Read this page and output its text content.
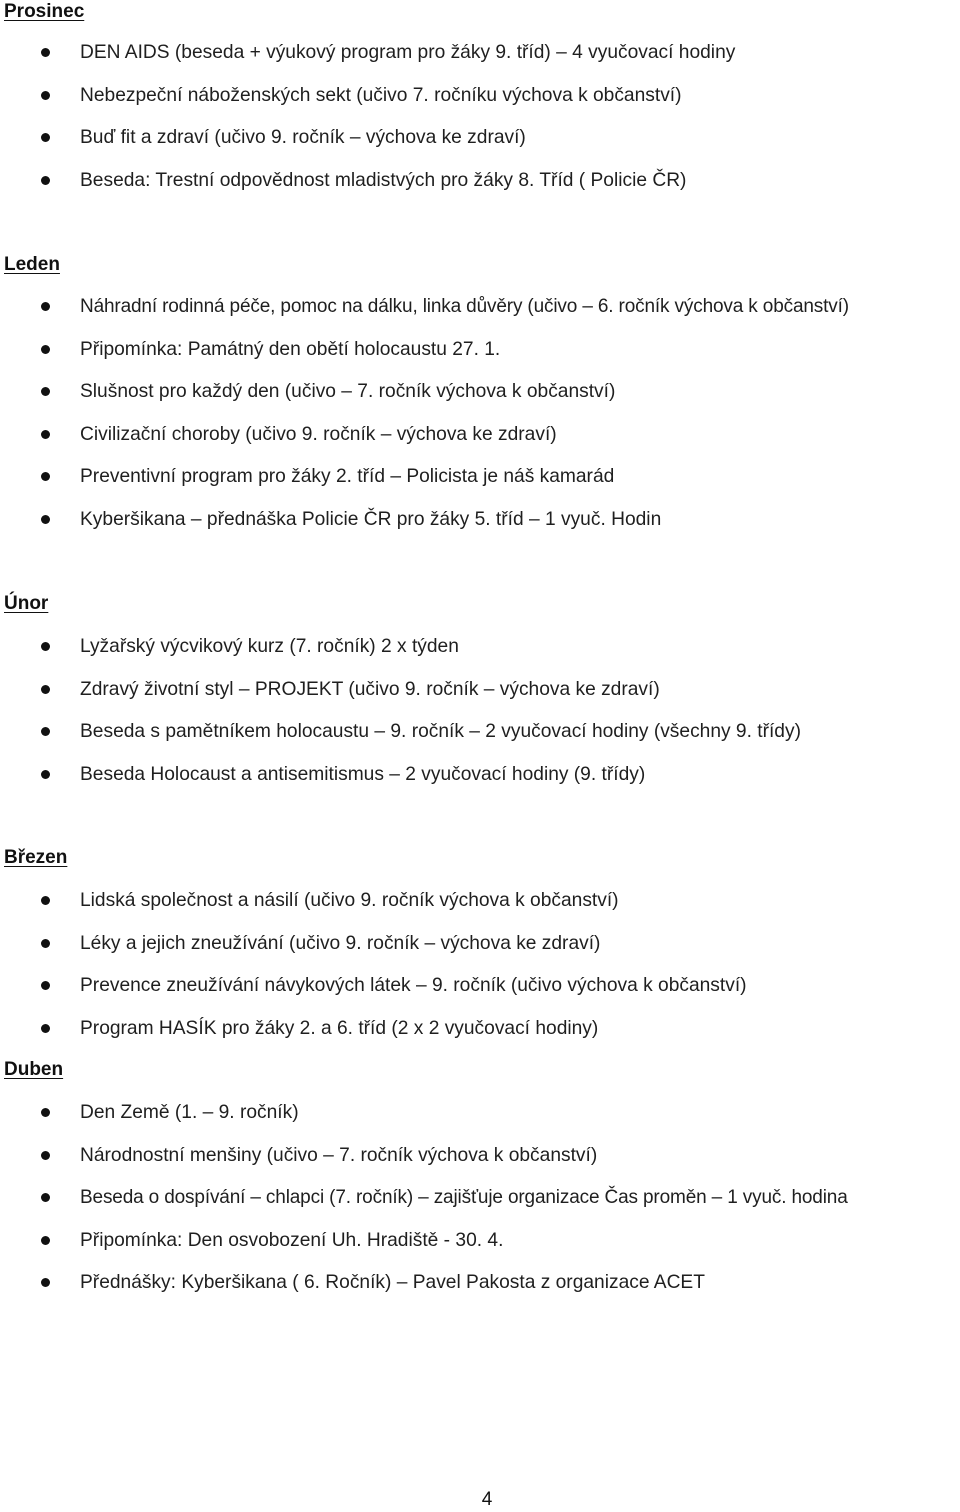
Prosinec
DEN AIDS (beseda + výukový program pro žáky 9. tříd) – 4 vyučovací hodiny
Nebezpeční náboženských sekt (učivo 7. ročníku výchova k občanství)
Buď fit a zdraví (učivo 9. ročník – výchova ke zdraví)
Beseda: Trestní odpovědnost mladistvých pro žáky 8. Tříd ( Policie ČR)
Leden
Náhradní rodinná péče, pomoc na dálku, linka důvěry (učivo – 6. ročník výchova k občanství)
Připomínka: Památný den obětí holocaustu 27. 1.
Slušnost pro každý den (učivo – 7. ročník výchova k občanství)
Civilizační choroby (učivo 9. ročník – výchova ke zdraví)
Preventivní program pro žáky 2. tříd – Policista je náš kamarád
Kyberšikana – přednáška Policie ČR pro žáky 5. tříd – 1 vyuč. Hodin
Únor
Lyžařský výcvikový kurz (7. ročník) 2 x týden
Zdravý životní styl – PROJEKT (učivo 9. ročník – výchova ke zdraví)
Beseda s pamětníkem holocaustu – 9. ročník – 2 vyučovací hodiny (všechny 9. třídy)
Beseda Holocaust a antisemitismus – 2 vyučovací hodiny (9. třídy)
Březen
Lidská společnost a násilí (učivo 9. ročník výchova k občanství)
Léky a jejich zneužívání (učivo 9. ročník – výchova ke zdraví)
Prevence zneužívání návykových látek – 9. ročník (učivo výchova k občanství)
Program HASÍK pro žáky 2. a 6. tříd (2 x 2 vyučovací hodiny)
Duben
Den Země (1. – 9. ročník)
Národnostní menšiny (učivo – 7. ročník výchova k občanství)
Beseda o dospívání – chlapci (7. ročník) – zajišťuje organizace Čas proměn – 1 vyuč. hodina
Připomínka: Den osvobození Uh. Hradiště - 30. 4.
Přednášky: Kyberšikana ( 6. Ročník) – Pavel Pakosta z organizace ACET
4
